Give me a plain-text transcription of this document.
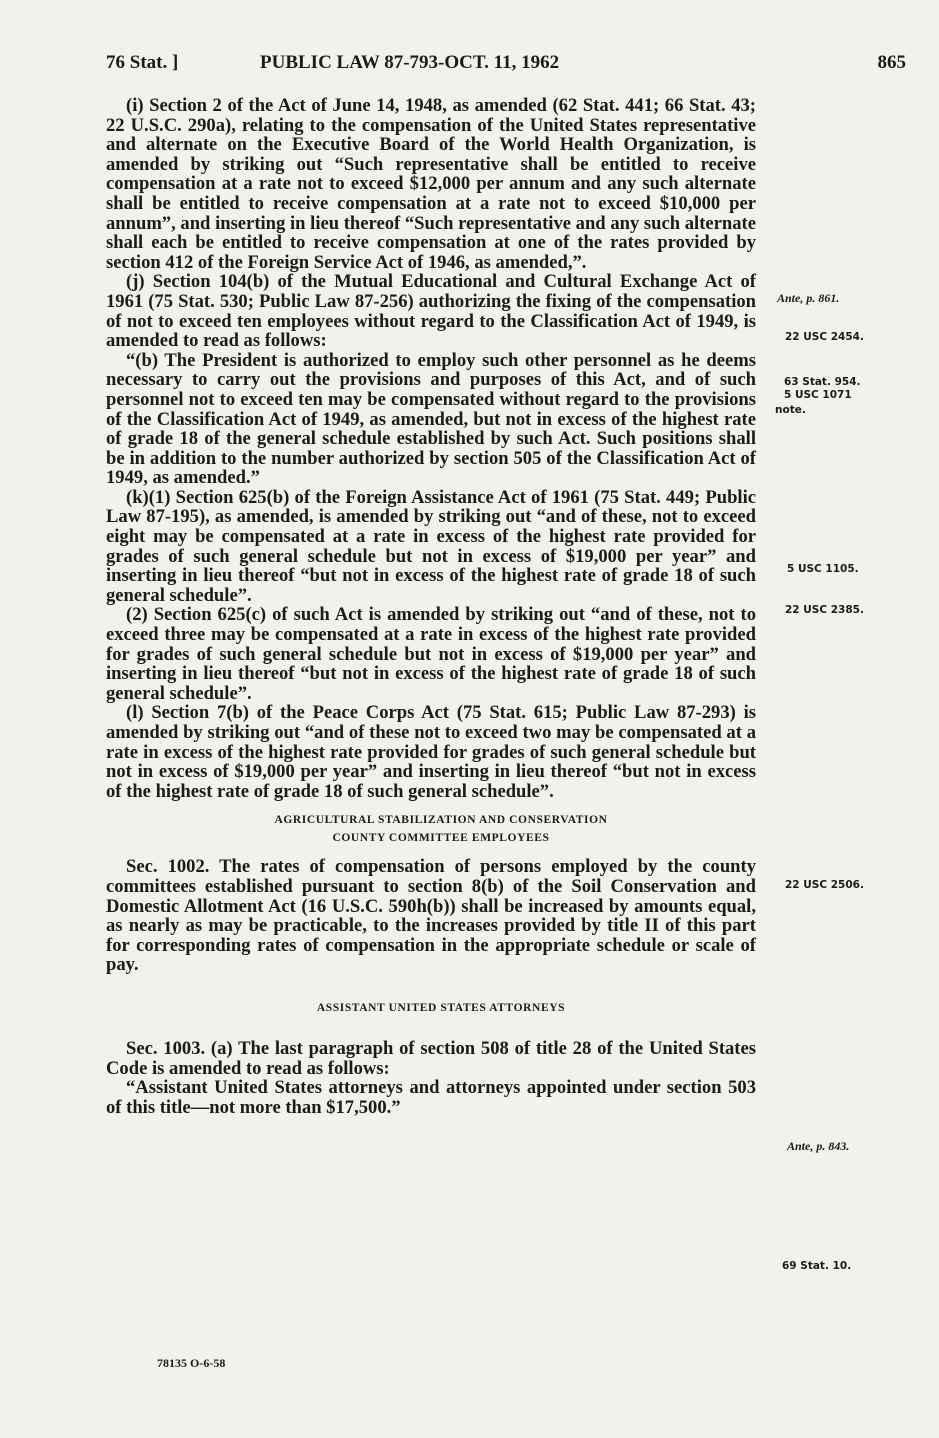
76 Stat. ]	PUBLIC LAW 87-793-OCT. 11, 1962	865

(i) Section 2 of the Act of June 14, 1948, as amended (62 Stat. 441; 66 Stat. 43; 22 U.S.C. 290a), relating to the compensation of the United States representative and alternate on the Executive Board of the World Health Organization, is amended by striking out “Such representative shall be entitled to receive compensation at a rate not to exceed $12,000 per annum and any such alternate shall be entitled to receive compensation at a rate not to exceed $10,000 per annum”, and inserting in lieu thereof “Such representative and any such alternate shall each be entitled to receive compensation at one of the rates provided by section 412 of the Foreign Service Act of 1946, as amended,”.

(j) Section 104(b) of the Mutual Educational and Cultural Exchange Act of 1961 (75 Stat. 530; Public Law 87-256) authorizing the fixing of the compensation of not to exceed ten employees without regard to the Classification Act of 1949, is amended to read as follows:

“(b) The President is authorized to employ such other personnel as he deems necessary to carry out the provisions and purposes of this Act, and of such personnel not to exceed ten may be compensated without regard to the provisions of the Classification Act of 1949, as amended, but not in excess of the highest rate of grade 18 of the general schedule established by such Act. Such positions shall be in addition to the number authorized by section 505 of the Classification Act of 1949, as amended.”

(k)(1) Section 625(b) of the Foreign Assistance Act of 1961 (75 Stat. 449; Public Law 87-195), as amended, is amended by striking out “and of these, not to exceed eight may be compensated at a rate in excess of the highest rate provided for grades of such general schedule but not in excess of $19,000 per year” and inserting in lieu thereof “but not in excess of the highest rate of grade 18 of such general schedule”.

(2) Section 625(c) of such Act is amended by striking out “and of these, not to exceed three may be compensated at a rate in excess of the highest rate provided for grades of such general schedule but not in excess of $19,000 per year” and inserting in lieu thereof “but not in excess of the highest rate of grade 18 of such general schedule”.

(l) Section 7(b) of the Peace Corps Act (75 Stat. 615; Public Law 87-293) is amended by striking out “and of these not to exceed two may be compensated at a rate in excess of the highest rate provided for grades of such general schedule but not in excess of $19,000 per year” and inserting in lieu thereof “but not in excess of the highest rate of grade 18 of such general schedule”.

AGRICULTURAL STABILIZATION AND CONSERVATION

COUNTY COMMITTEE EMPLOYEES

Sec. 1002. The rates of compensation of persons employed by the county committees established pursuant to section 8(b) of the Soil Conservation and Domestic Allotment Act (16 U.S.C. 590h(b)) shall be increased by amounts equal, as nearly as may be practicable, to the increases provided by title II of this part for corresponding rates of compensation in the appropriate schedule or scale of pay.

ASSISTANT UNITED STATES ATTORNEYS

Sec. 1003. (a) The last paragraph of section 508 of title 28 of the United States Code is amended to read as follows:

“Assistant United States attorneys and attorneys appointed under section 503 of this title—not more than $17,500.”

Ante, p. 861.
22 USC 2454.
63 Stat. 954.
5 USC 1071
note.
5 USC 1105.
22 USC 2385.
22 USC 2506.
Ante, p. 843.
69 Stat. 10.
78135 O-6-58
